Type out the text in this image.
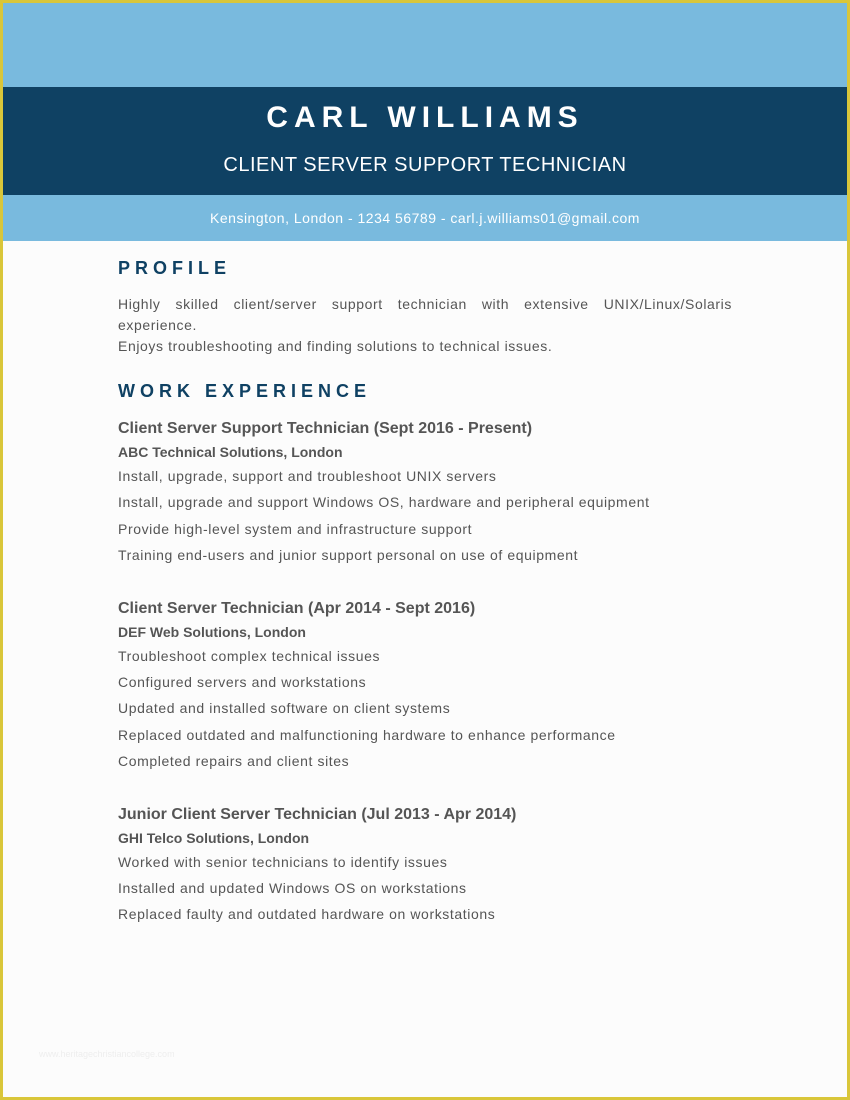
CARL WILLIAMS
CLIENT SERVER SUPPORT TECHNICIAN
Kensington, London - 1234 56789 - carl.j.williams01@gmail.com
PROFILE

Highly skilled client/server support technician with extensive UNIX/Linux/Solaris experience.

Enjoys troubleshooting and finding solutions to technical issues.

WORK EXPERIENCE
Client Server Support Technician (Sept 2016 - Present)
ABC Technical Solutions, London
Install, upgrade, support and troubleshoot UNIX servers
Install, upgrade and support Windows OS, hardware and peripheral equipment
Provide high-level system and infrastructure support
Training end-users and junior support personal on use of equipment
Client Server Technician (Apr 2014 - Sept 2016)
DEF Web Solutions, London
Troubleshoot complex technical issues
Configured servers and workstations
Updated and installed software on client systems
Replaced outdated and malfunctioning hardware to enhance performance
Completed repairs and client sites
Junior Client Server Technician (Jul 2013 - Apr 2014)
GHI Telco Solutions, London
Worked with senior technicians to identify issues
Installed and updated Windows OS on workstations
Replaced faulty and outdated hardware on workstations
www.heritagechristiancollege.com
